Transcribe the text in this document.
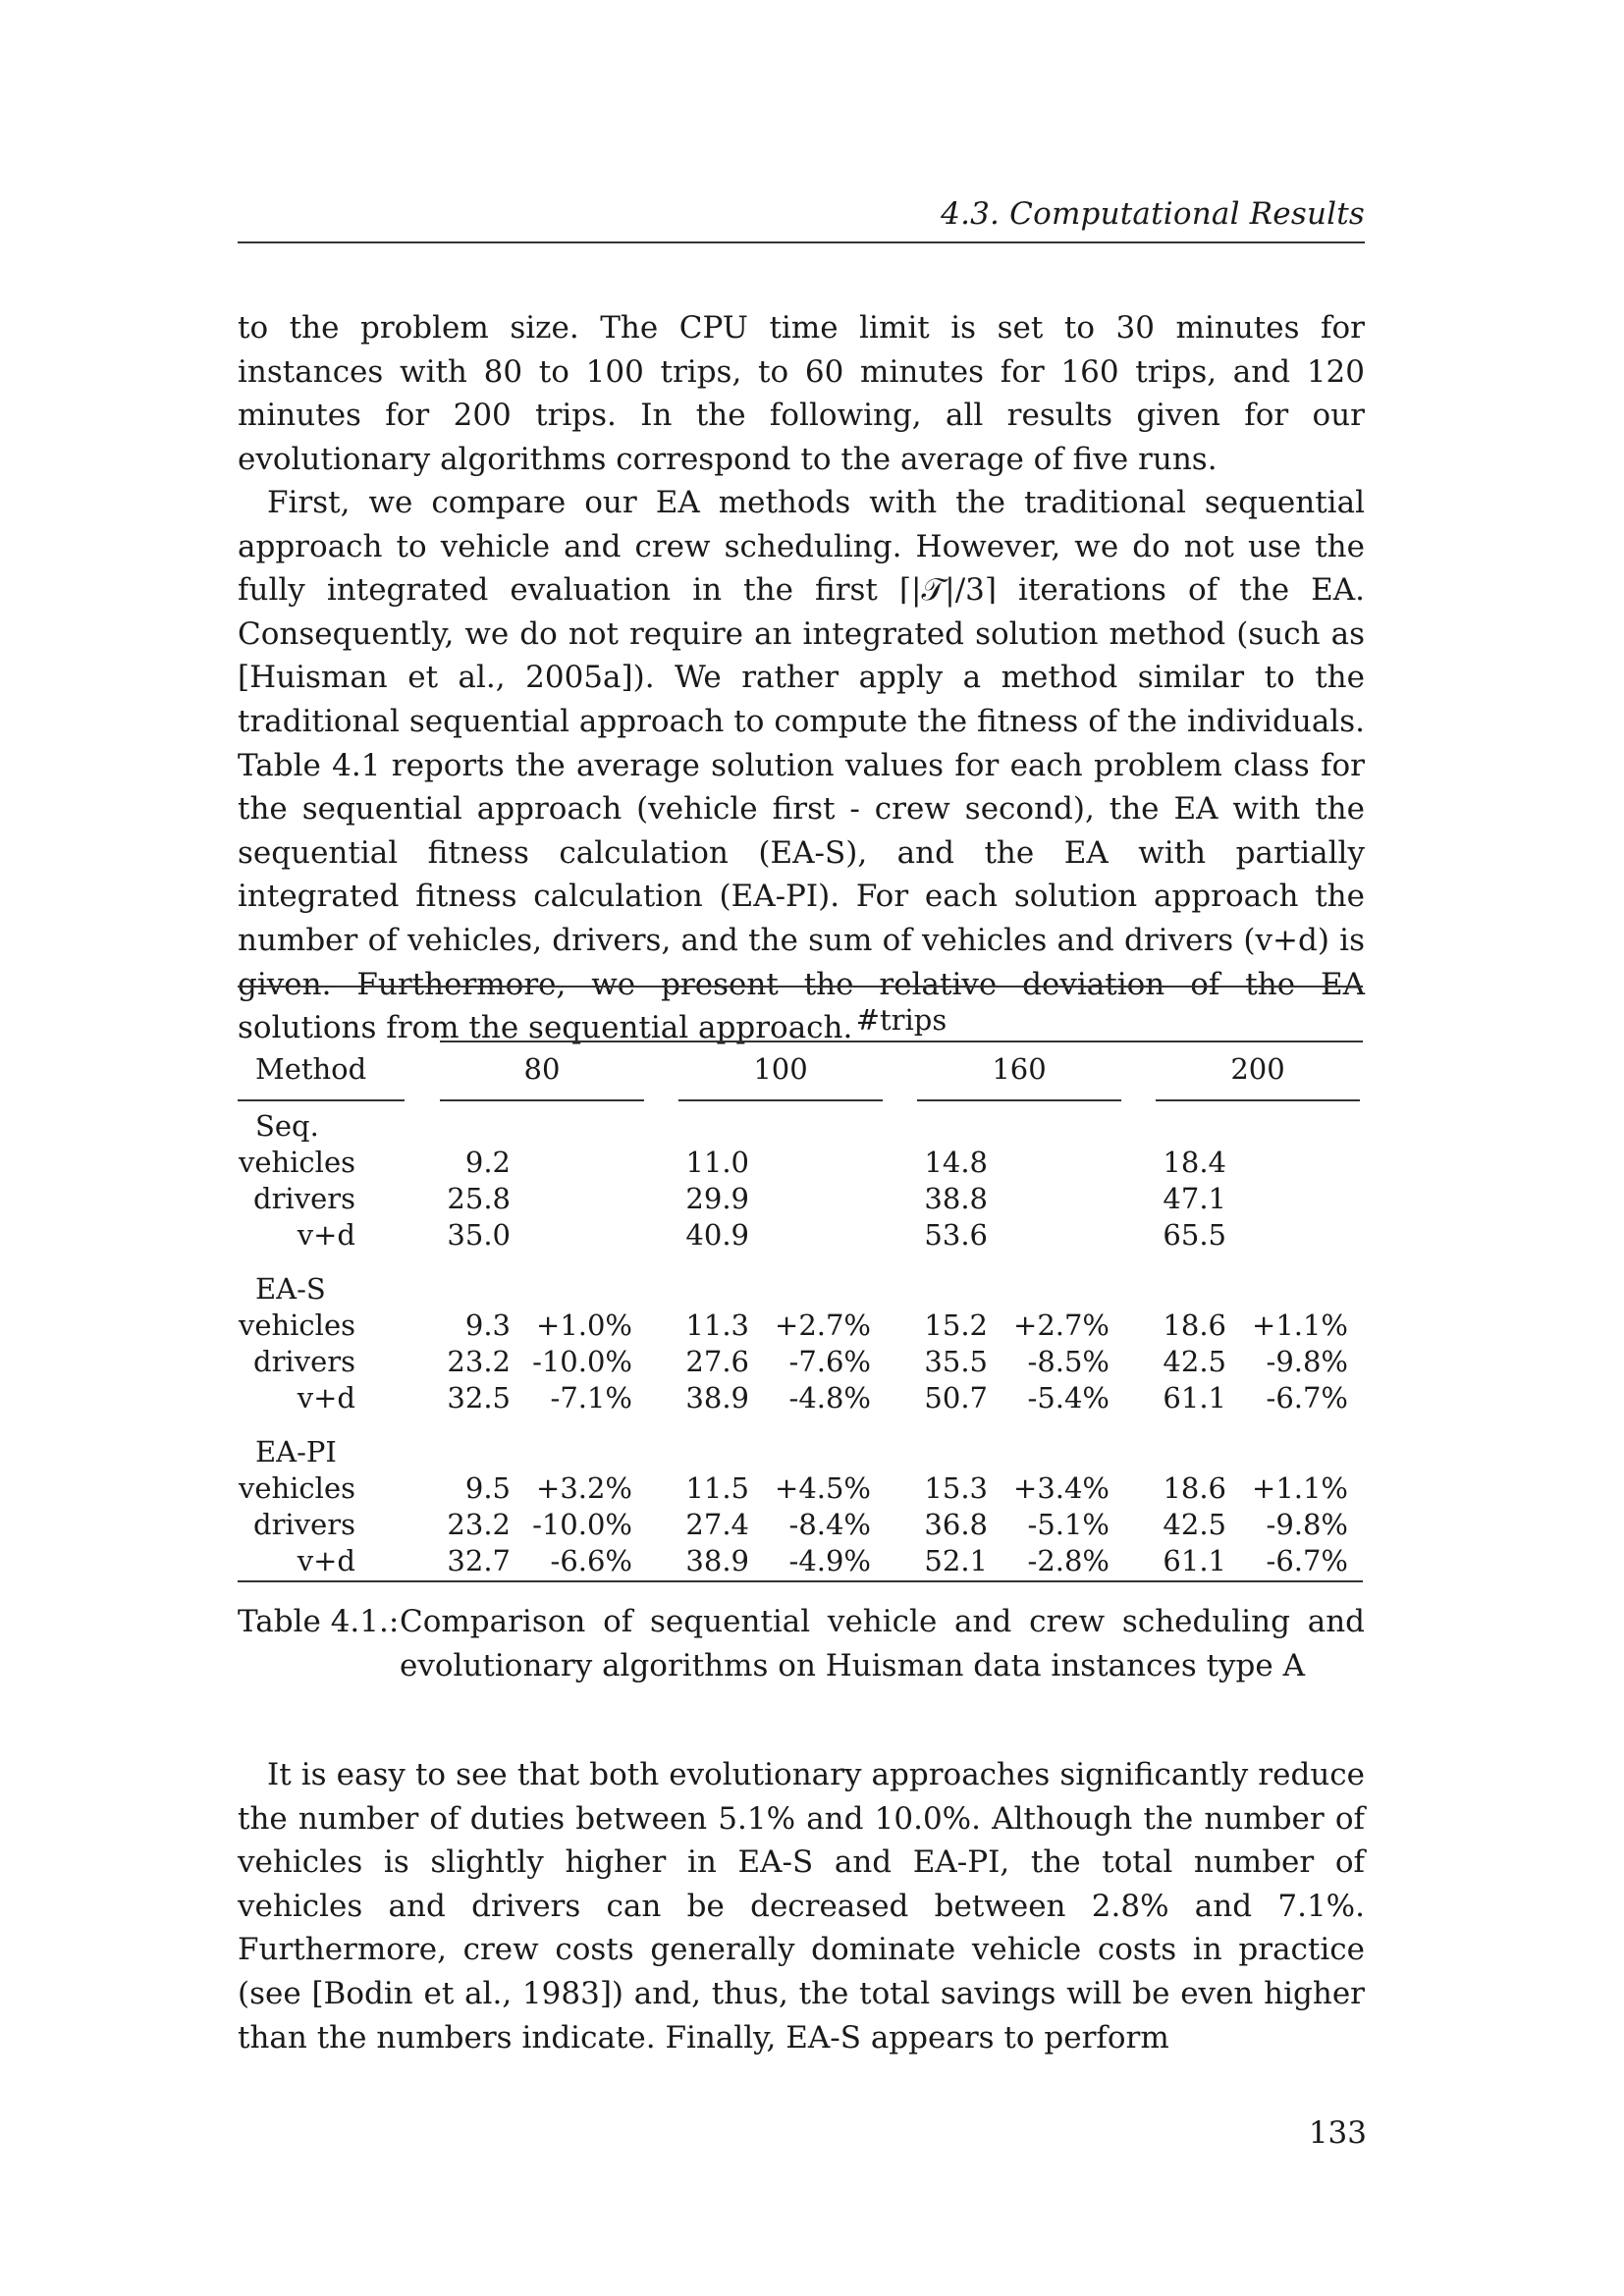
4.3. Computational Results

to the problem size. The CPU time limit is set to 30 minutes for instances with 80 to 100 trips, to 60 minutes for 160 trips, and 120 minutes for 200 trips. In the following, all results given for our evolutionary algorithms correspond to the average of five runs.

First, we compare our EA methods with the traditional sequential approach to vehicle and crew scheduling. However, we do not use the fully integrated evaluation in the first ⌈|𝒯|/3⌉ iterations of the EA. Consequently, we do not require an integrated solution method (such as [Huisman et al., 2005a]). We rather apply a method similar to the traditional sequential approach to compute the fitness of the individuals. Table 4.1 reports the average solution values for each problem class for the sequential approach (vehicle first - crew second), the EA with the sequential fitness calculation (EA-S), and the EA with partially integrated fitness calculation (EA-PI). For each solution approach the number of vehicles, drivers, and the sum of vehicles and drivers (v+d) is given. Furthermore, we present the relative deviation of the EA solutions from the sequential approach. #trips
Method	80	100	160	200
Seq.
vehicles	9.2	11.0	14.8	18.4
drivers	25.8	29.9	38.8	47.1
v+d	35.0	40.9	53.6	65.5
EA-S
vehicles	9.3 +1.0% 11.3 +2.7% 15.2 +2.7% 18.6 +1.1%
drivers	23.2 -10.0% 27.6	-7.6% 35.5	-8.5% 42.5	-9.8%
v+d	32.5	-7.1% 38.9	-4.8% 50.7	-5.4% 61.1	-6.7%
EA-PI
vehicles	9.5 +3.2% 11.5 +4.5% 15.3 +3.4% 18.6 +1.1%
drivers	23.2 -10.0% 27.4	-8.4% 36.8	-5.1% 42.5	-9.8%
v+d	32.7	-6.6% 38.9	-4.9% 52.1	-2.8% 61.1	-6.7%
Table 4.1.: Comparison of sequential vehicle and crew scheduling and evolutionary algorithms on Huisman data instances type A

It is easy to see that both evolutionary approaches significantly reduce the number of duties between 5.1% and 10.0%. Although the number of vehicles is slightly higher in EA-S and EA-PI, the total number of vehicles and drivers can be decreased between 2.8% and 7.1%. Furthermore, crew costs generally dominate vehicle costs in practice (see [Bodin et al., 1983]) and, thus, the total savings will be even higher than the numbers indicate. Finally, EA-S appears to perform

133
